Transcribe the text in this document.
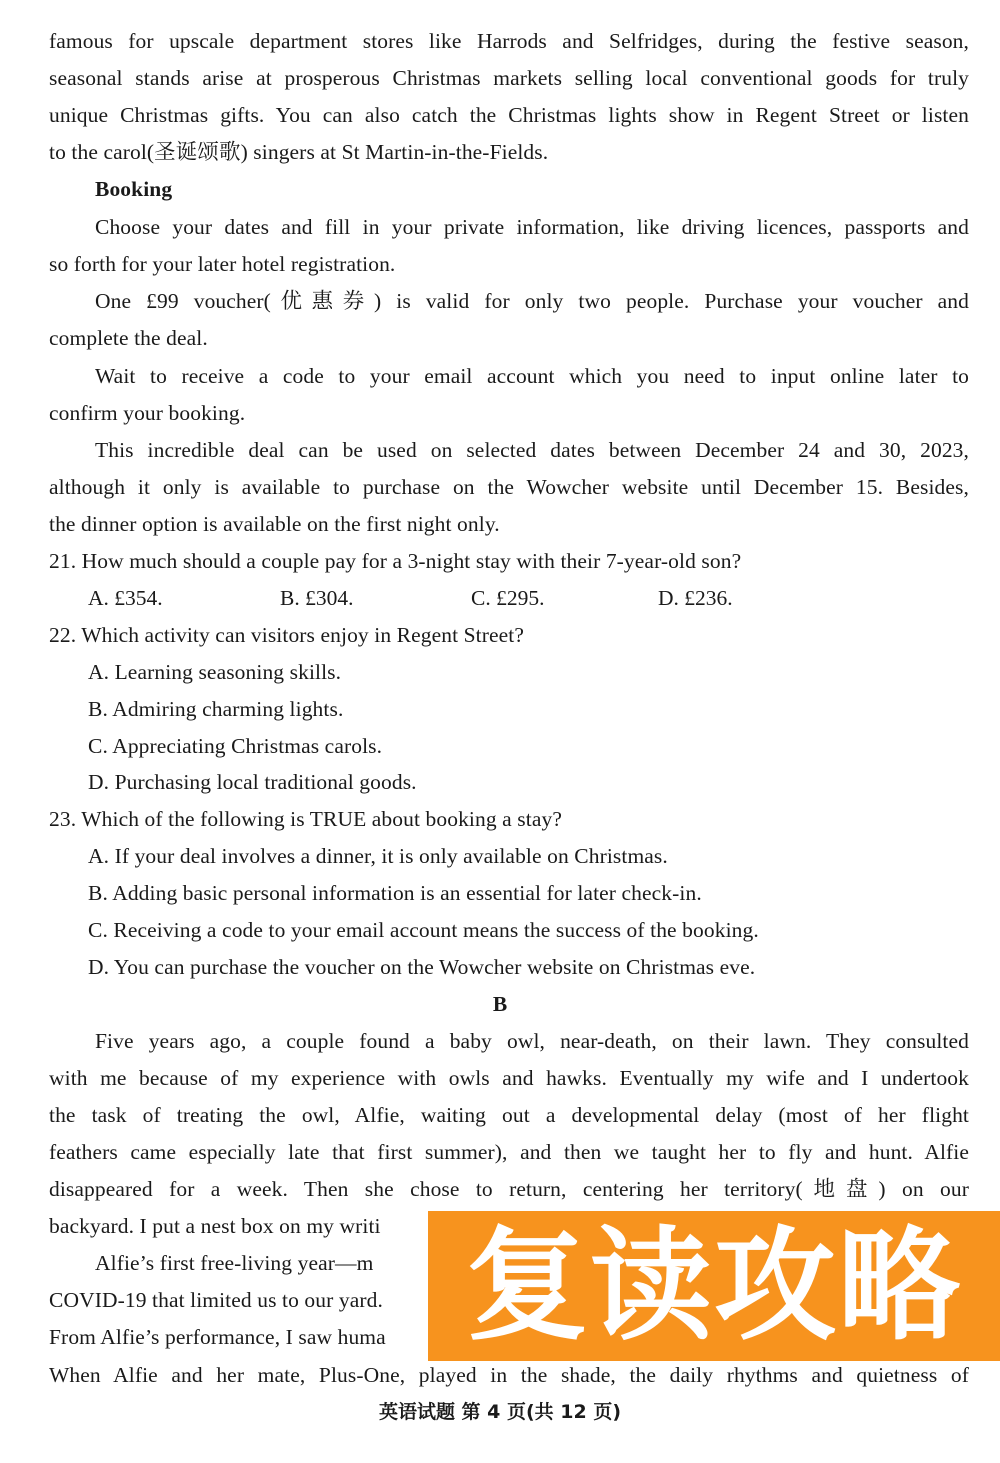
famous for upscale department stores like Harrods and Selfridges, during the festive season,
seasonal stands arise at prosperous Christmas markets selling local conventional goods for truly
unique Christmas gifts. You can also catch the Christmas lights show in Regent Street or listen
to the carol(圣诞颂歌) singers at St Martin-in-the-Fields.
Booking
Choose your dates and fill in your private information, like driving licences, passports and
so forth for your later hotel registration.
One £99 voucher(优惠券) is valid for only two people. Purchase your voucher and
complete the deal.
Wait to receive a code to your email account which you need to input online later to
confirm your booking.
This incredible deal can be used on selected dates between December 24 and 30, 2023,
although it only is available to purchase on the Wowcher website until December 15. Besides,
the dinner option is available on the first night only.
21. How much should a couple pay for a 3-night stay with their 7-year-old son?
A. £354.	B. £304.	C. £295.	D. £236.
22. Which activity can visitors enjoy in Regent Street?
A. Learning seasoning skills.
B. Admiring charming lights.
C. Appreciating Christmas carols.
D. Purchasing local traditional goods.
23. Which of the following is TRUE about booking a stay?
A. If your deal involves a dinner, it is only available on Christmas.
B. Adding basic personal information is an essential for later check-in.
C. Receiving a code to your email account means the success of the booking.
D. You can purchase the voucher on the Wowcher website on Christmas eve.
B
Five years ago, a couple found a baby owl, near-death, on their lawn. They consulted
with me because of my experience with owls and hawks. Eventually my wife and I undertook
the task of treating the owl, Alfie, waiting out a developmental delay (most of her flight
feathers came especially late that first summer), and then we taught her to fly and hunt. Alfie
disappeared for a week. Then she chose to return, centering her territory(地盘) on our
backyard. I put a nest box on my writi
Alfie’s first free-living year—m
COVID-19 that limited us to our yard.
From Alfie’s performance, I saw huma
When Alfie and her mate, Plus-One, played in the shade, the daily rhythms and quietness of
复读攻略
英语试题 第 4 页(共 12 页)
